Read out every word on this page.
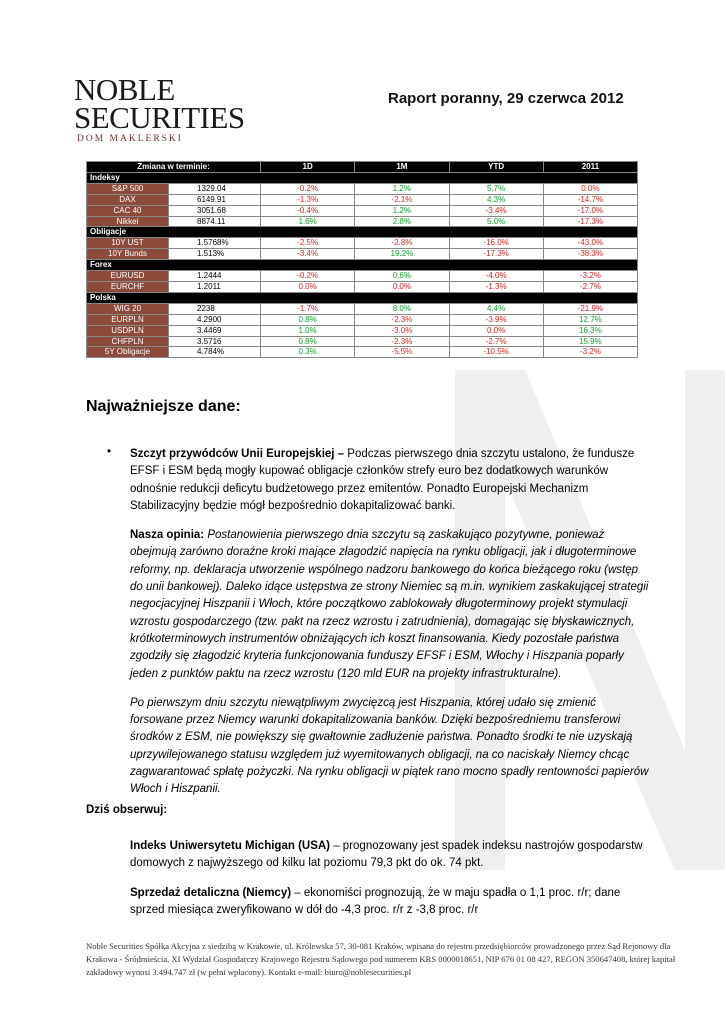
NOBLE
SECURITIES
DOM MAKLERSKI
Raport poranny, 29 czerwca 2012
Zmiana w terminie:		1D	1M	YTD	2011
Indeksy					
S&P 500	1329.04	-0.2%	1.2%	5.7%	0.0%
DAX	6149.91	-1.3%	-2.1%	4.3%	-14.7%
CAC 40	3051.68	-0.4%	1.2%	-3.4%	-17.0%
Nikkei	8874.11	1.6%	2.8%	5.0%	-17.3%
Obligacje					
10Y UST	1.5768%	-2.5%	-2.8%	-16.0%	-43.0%
10Y Bunds	1.513%	-3.4%	19.2%	-17.3%	-38.3%
Forex					
EURUSD	1.2444	-0.2%	0.6%	-4.0%	-3.2%
EURCHF	1.2011	0.0%	0.0%	-1.3%	-2.7%
Polska					
WIG 20	2238	-1.7%	8.0%	4.4%	-21.9%
EURPLN	4.2900	0.8%	-2.3%	-3.9%	12.7%
USDPLN	3.4469	1.0%	-3.0%	0.0%	16.3%
CHFPLN	3.5716	0.8%	-2.3%	-2.7%	15.9%
5Y Obligacje	4.784%	0.3%	-5.5%	-10.5%	-3.2%
Najważniejsze dane:
• Szczyt przywódców Unii Europejskiej – Podczas pierwszego dnia szczytu ustalono, że fundusze EFSF i ESM będą mogły kupować obligacje członków strefy euro bez dodatkowych warunków odnośnie redukcji deficytu budżetowego przez emitentów. Ponadto Europejski Mechanizm Stabilizacyjny będzie mógł bezpośrednio dokapitalizować banki.

Nasza opinia: Postanowienia pierwszego dnia szczytu są zaskakująco pozytywne, ponieważ obejmują zarówno doraźne kroki mające złagodzić napięcia na rynku obligacji, jak i długoterminowe reformy, np. deklaracja utworzenie wspólnego nadzoru bankowego do końca bieżącego roku (wstęp do unii bankowej). Daleko idące ustępstwa ze strony Niemiec są m.in. wynikiem zaskakującej strategii negocjacyjnej Hiszpanii i Włoch, które początkowo zablokowały długoterminowy projekt stymulacji wzrostu gospodarczego (tzw. pakt na rzecz wzrostu i zatrudnienia), domagając się błyskawicznych, krótkoterminowych instrumentów obniżających ich koszt finansowania. Kiedy pozostałe państwa zgodziły się złagodzić kryteria funkcjonowania funduszy EFSF i ESM, Włochy i Hiszpania poparły jeden z punktów paktu na rzecz wzrostu (120 mld EUR na projekty infrastrukturalne).

Po pierwszym dniu szczytu niewątpliwym zwycięzcą jest Hiszpania, której udało się zmienić forsowane przez Niemcy warunki dokapitalizowania banków. Dzięki bezpośredniemu transferowi środków z ESM, nie powiększy się gwałtownie zadłużenie państwa. Ponadto środki te nie uzyskają uprzywilejowanego statusu względem już wyemitowanych obligacji, na co naciskały Niemcy chcąc zagwarantować spłatę pożyczki. Na rynku obligacji w piątek rano mocno spadły rentowności papierów Włoch i Hiszpanii.

Dziś obserwuj:

Indeks Uniwersytetu Michigan (USA) – prognozowany jest spadek indeksu nastrojów gospodarstw domowych z najwyższego od kilku lat poziomu 79,3 pkt do ok. 74 pkt.

Sprzedaż detaliczna (Niemcy) – ekonomiści prognozują, że w maju spadła o 1,1 proc. r/r; dane sprzed miesiąca zweryfikowano w dół do -4,3 proc. r/r z -3,8 proc. r/r

Noble Securities Spółka Akcyjna z siedzibą w Krakowie, ul. Królewska 57, 30-081 Kraków, wpisana do rejestru przedsiębiorców prowadzonego przez Sąd Rejonowy dla Krakowa - Śródmieścia, XI Wydział Gospodarczy Krajowego Rejestru Sądowego pod numerem KRS 0000018651, NIP 676 01 08 427, REGON 350647408, której kapitał zakładowy wynosi 3.494.747 zł (w pełni wpłacony). Kontakt e-mail: biuro@noblesecurities.pl
